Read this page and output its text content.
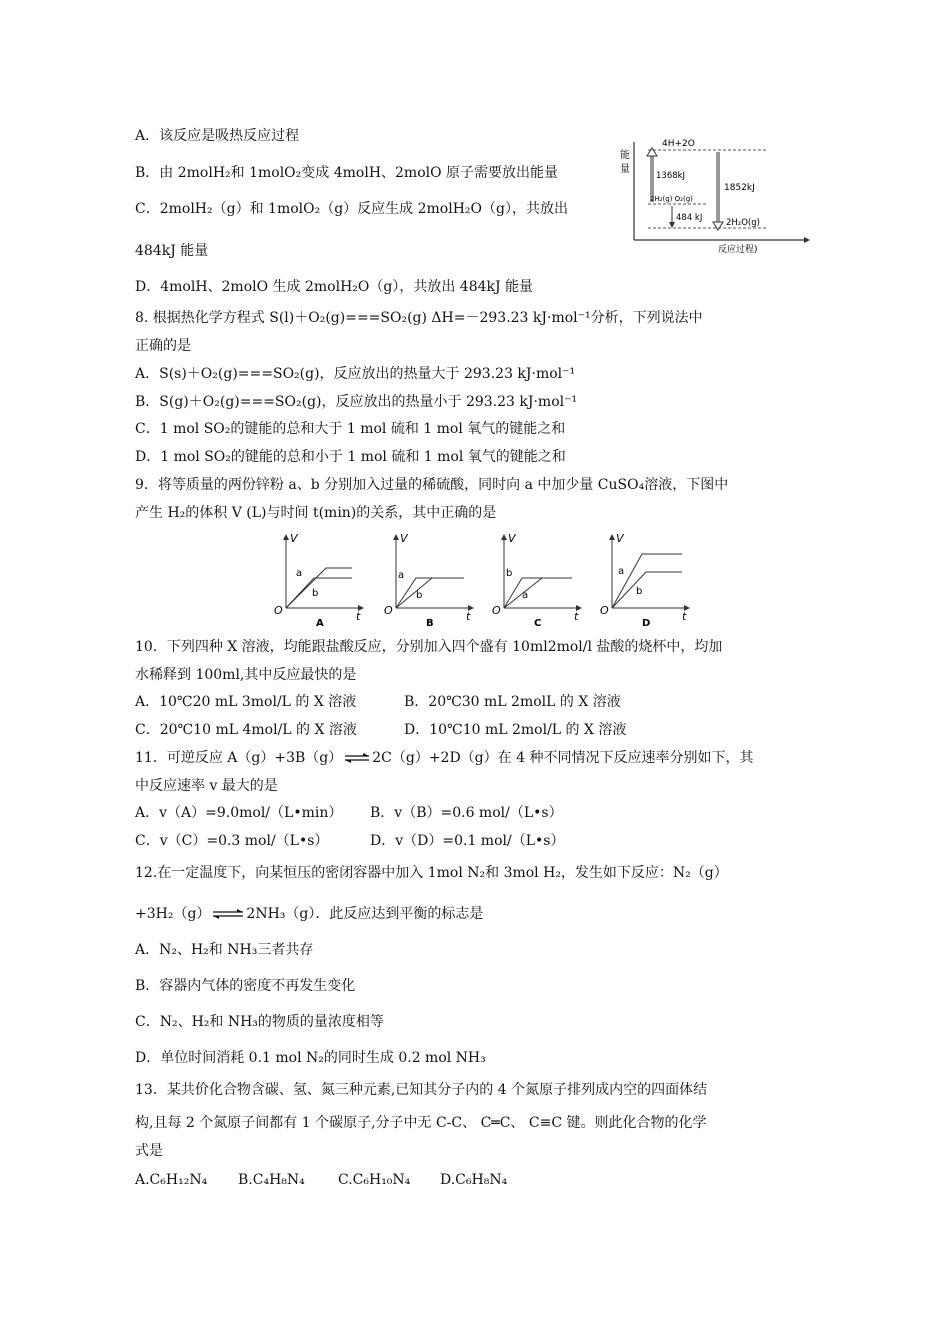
A．该反应是吸热反应过程
B．由 2molH₂和 1molO₂变成 4molH、2molO 原子需要放出能量
C．2molH₂（g）和 1molO₂（g）反应生成 2molH₂O（g），共放出
484kJ 能量
D．4molH、2molO 生成 2molH₂O（g），共放出 484kJ 能量
能
量
4H+2O
1368kJ
1852kJ
2H₂(g) O₂(g)
484 kJ	2H₂O(g)
反应过程)
8. 根据热化学方程式 S(l)＋O₂(g)===SO₂(g) ΔH=－293.23 kJ·mol⁻¹分析，下列说法中
正确的是
A．S(s)＋O₂(g)===SO₂(g)，反应放出的热量大于 293.23 kJ·mol⁻¹
B．S(g)＋O₂(g)===SO₂(g)，反应放出的热量小于 293.23 kJ·mol⁻¹
C．1 mol SO₂的键能的总和大于 1 mol 硫和 1 mol 氧气的键能之和
D．1 mol SO₂的键能的总和小于 1 mol 硫和 1 mol 氧气的键能之和
9．将等质量的两份锌粉 a、b 分别加入过量的稀硫酸，同时向 a 中加少量 CuSO₄溶液，下图中
产生 H₂的体积 V (L)与时间 t(min)的关系，其中正确的是
V
O	t
a
b
A
V
O	t
a
b
B
V
O	t
b
a
C
V
O	t
a
b
D
10．下列四种 X 溶液，均能跟盐酸反应，分别加入四个盛有 10ml2mol/l 盐酸的烧杯中，均加
水稀释到 100ml,其中反应最快的是
A．10℃20 mL 3mol/L 的 X 溶液	B．20℃30 mL 2molL 的 X 溶液
C．20℃10 mL 4mol/L 的 X 溶液	D．10℃10 mL 2mol/L 的 X 溶液
11．可逆反应 A（g）+3B（g） ⇌ 2C（g）+2D（g）在 4 种不同情况下反应速率分别如下，其
中反应速率 v 最大的是
A．v（A）=9.0mol/（L•min） B．v（B）=0.6 mol/（L•s）
C．v（C）=0.3 mol/（L•s）	D．v（D）=0.1 mol/（L•s）
12.在一定温度下，向某恒压的密闭容器中加入 1mol N₂和 3mol H₂，发生如下反应：N₂（g）
+3H₂（g） ⇌ 2NH₃（g）．此反应达到平衡的标志是
A．N₂、H₂和 NH₃三者共存
B．容器内气体的密度不再发生变化
C．N₂、H₂和 NH₃的物质的量浓度相等
D．单位时间消耗 0.1 mol N₂的同时生成 0.2 mol NH₃
13．某共价化合物含碳、氢、氮三种元素,已知其分子内的 4 个氮原子排列成内空的四面体结
构,且每 2 个氮原子间都有 1 个碳原子,分子中无 C-C、 C═C、 C≡C 键。则此化合物的化学
式是
A.C₆H₁₂N₄ B.C₄H₈N₄ C.C₆H₁₀N₄ D.C₆H₈N₄
